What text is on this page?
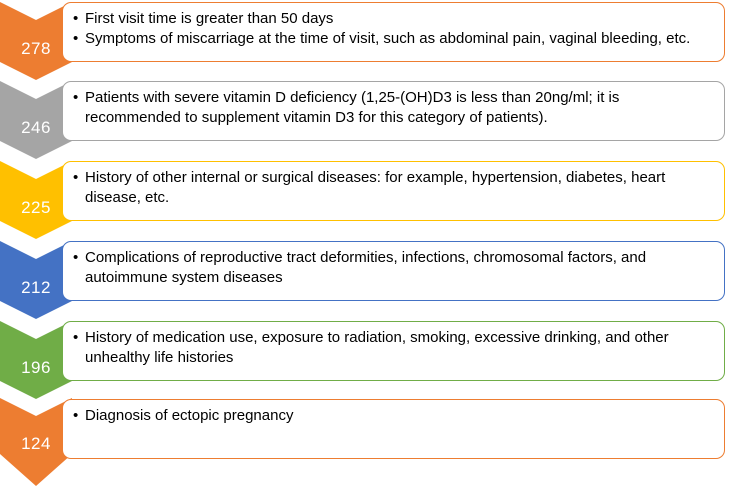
278
• First visit time is greater than 50 days
• Symptoms of miscarriage at the time of visit, such as abdominal pain, vaginal bleeding, etc.
246
• Patients with severe vitamin D deficiency (1,25-(OH)D3 is less than 20ng/ml; it is recommended to supplement vitamin D3 for this category of patients).
225
• History of other internal or surgical diseases: for example, hypertension, diabetes, heart disease, etc.
212
• Complications of reproductive tract deformities, infections, chromosomal factors, and autoimmune system diseases
196
• History of medication use, exposure to radiation, smoking, excessive drinking, and other unhealthy life histories
124
• Diagnosis of ectopic pregnancy
